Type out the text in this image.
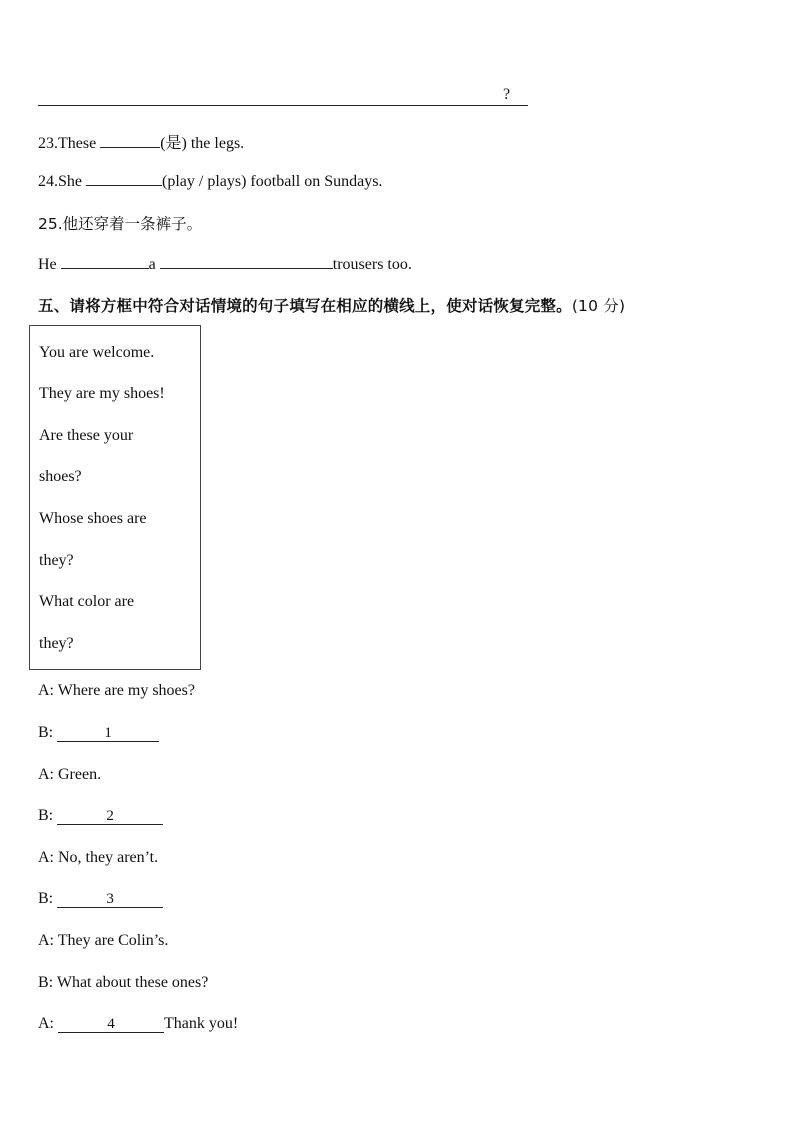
?
23.These	(是) the legs.
24.She	(play / plays) football on Sundays.
25.他还穿着一条裤子。
He	a	trousers too.
五、请将方框中符合对话情境的句子填写在相应的横线上，使对话恢复完整。(10 分)
You are welcome.
They are my shoes!
Are these your
shoes?
Whose shoes are
they?
What color are
they?
A: Where are my shoes?
B:	1
A: Green.
B:	2
A: No, they aren’t.
B:	3
A: They are Colin’s.
B: What about these ones?
A:	4	Thank you!
